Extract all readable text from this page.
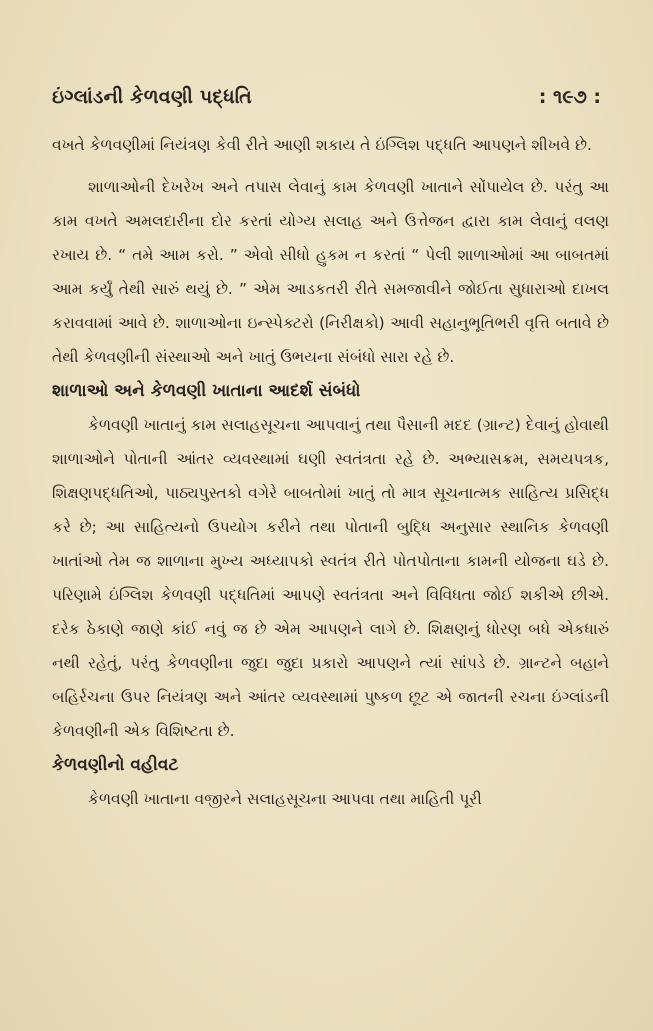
ઇંગ્લાંડની કેળવણી પદ્ધતિ	: ૧૯૭ :

વખતે કેળવણીમાં નિયંત્રણ કેવી રીતે આણી શકાય તે ઇંગ્લિશ પદ્ધતિ આપણને શીખવે છે.

શાળાઓની દેખરેખ અને તપાસ લેવાનું કામ કેળવણી ખાતાને સોંપાયેલ છે. પરંતુ આ કામ વખતે અમલદારીના દોર કરતાં યોગ્ય સલાહ અને ઉત્તેજન દ્વારા કામ લેવાનું વલણ રખાય છે. “ તમે આમ કરો. ” એવો સીધો હુકમ ન કરતાં “ પેલી શાળાઓમાં આ બાબતમાં આમ કર્યું તેથી સારું થયું છે. ” એમ આડકતરી રીતે સમજાવીને જોઈતા સુધારાઓ દાખલ કરાવવામાં આવે છે. શાળાઓના ઇન્સ્પેક્ટરો (નિરીક્ષકો) આવી સહાનુભૂતિભરી વૃત્તિ બતાવે છે તેથી કેળવણીની સંસ્થાઓ અને ખાતું ઉભયના સંબંધો સારા રહે છે.

શાળાઓ અને કેળવણી ખાતાના આદર્શ સંબંધો

કેળવણી ખાતાનું કામ સલાહસૂચના આપવાનું તથા પૈસાની મદદ (ગ્રાન્ટ) દેવાનું હોવાથી શાળાઓને પોતાની આંતર વ્યવસ્થામાં ઘણી સ્વતંત્રતા રહે છે. અભ્યાસક્રમ, સમયપત્રક, શિક્ષણપદ્ધતિઓ, પાઠ્યપુસ્તકો વગેરે બાબતોમાં ખાતું તો માત્ર સૂચનાત્મક સાહિત્ય પ્રસિદ્ધ કરે છે; આ સાહિત્યનો ઉપયોગ કરીને તથા પોતાની બુદ્ધિ અનુસાર સ્થાનિક કેળવણી ખાતાંઓ તેમ જ શાળાના મુખ્ય અધ્યાપકો સ્વતંત્ર રીતે પોતપોતાના કામની યોજના ઘડે છે. પરિણામે ઇંગ્લિશ કેળવણી પદ્ધતિમાં આપણે સ્વતંત્રતા અને વિવિધતા જોઈ શકીએ છીએ. દરેક ઠેકાણે જાણે કાંઈ નવું જ છે એમ આપણને લાગે છે. શિક્ષણનું ધોરણ બધે એકધારું નથી રહેતું, પરંતુ કેળવણીના જુદા જુદા પ્રકારો આપણને ત્યાં સાંપડે છે. ગ્રાન્ટને બહાને બહિર્રચના ઉપર નિયંત્રણ અને આંતર વ્યવસ્થામાં પુષ્કળ છૂટ એ જાતની રચના ઇંગ્લાંડની કેળવણીની એક વિશિષ્ટતા છે.

કેળવણીનો વહીવટ

કેળવણી ખાતાના વજીરને સલાહસૂચના આપવા તથા માહિતી પૂરી
